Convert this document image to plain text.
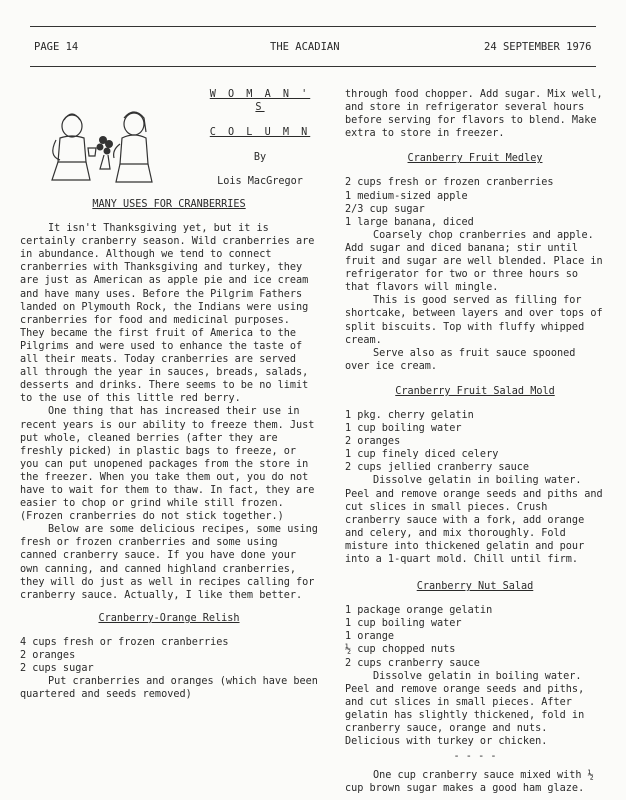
PAGE 14	THE ACADIAN	24 SEPTEMBER 1976
W O M A N ' S
C O L U M N
MANY USES FOR CRANBERRIES

It isn't Thanksgiving yet, but it is certainly cranberry season. Wild cranberries are in abundance. Although we tend to connect cranberries with Thanksgiving and turkey, they are just as American as apple pie and ice cream and have many uses. Before the Pilgrim Fathers landed on Plymouth Rock, the Indians were using cranberries for food and medicinal purposes. They became the first fruit of America to the Pilgrims and were used to enhance the taste of all their meats. Today cranberries are served all through the year in sauces, breads, salads, desserts and drinks. There seems to be no limit to the use of this little red berry.

One thing that has increased their use in recent years is our ability to freeze them. Just put whole, cleaned berries (after they are freshly picked) in plastic bags to freeze, or you can put unopened packages from the store in the freezer. When you take them out, you do not have to wait for them to thaw. In fact, they are easier to chop or grind while still frozen. (Frozen cranberries do not stick together.)

Below are some delicious recipes, some using fresh or frozen cranberries and some using canned cranberry sauce. If you have done your own canning, and canned highland cranberries, they will do just as well in recipes calling for cranberry sauce. Actually, I like them better.

Cranberry-Orange Relish

4 cups fresh or frozen cranberries

2 oranges

2 cups sugar

Put cranberries and oranges (which have been quartered and seeds removed)

By
Lois MacGregor

through food chopper. Add sugar. Mix well, and store in refrigerator several hours before serving for flavors to blend. Make extra to store in freezer.

Cranberry Fruit Medley

2 cups fresh or frozen cranberries

1 medium-sized apple

2/3 cup sugar

1 large banana, diced

Coarsely chop cranberries and apple. Add sugar and diced banana; stir until fruit and sugar are well blended. Place in refrigerator for two or three hours so that flavors will mingle.

This is good served as filling for shortcake, between layers and over tops of split biscuits. Top with fluffy whipped cream.

Serve also as fruit sauce spooned over ice cream.

Cranberry Fruit Salad Mold

1 pkg. cherry gelatin

1 cup boiling water

2 oranges

1 cup finely diced celery

2 cups jellied cranberry sauce

Dissolve gelatin in boiling water. Peel and remove orange seeds and piths and cut slices in small pieces. Crush cranberry sauce with a fork, add orange and celery, and mix thoroughly. Fold misture into thickened gelatin and pour into a 1-quart mold. Chill until firm.

Cranberry Nut Salad

1 package orange gelatin

1 cup boiling water

1 orange

½ cup chopped nuts

2 cups cranberry sauce

Dissolve gelatin in boiling water. Peel and remove orange seeds and piths, and cut slices in small pieces. After gelatin has slightly thickened, fold in cranberry sauce, orange and nuts. Delicious with turkey or chicken.

- - - -

One cup cranberry sauce mixed with ½ cup brown sugar makes a good ham glaze.
